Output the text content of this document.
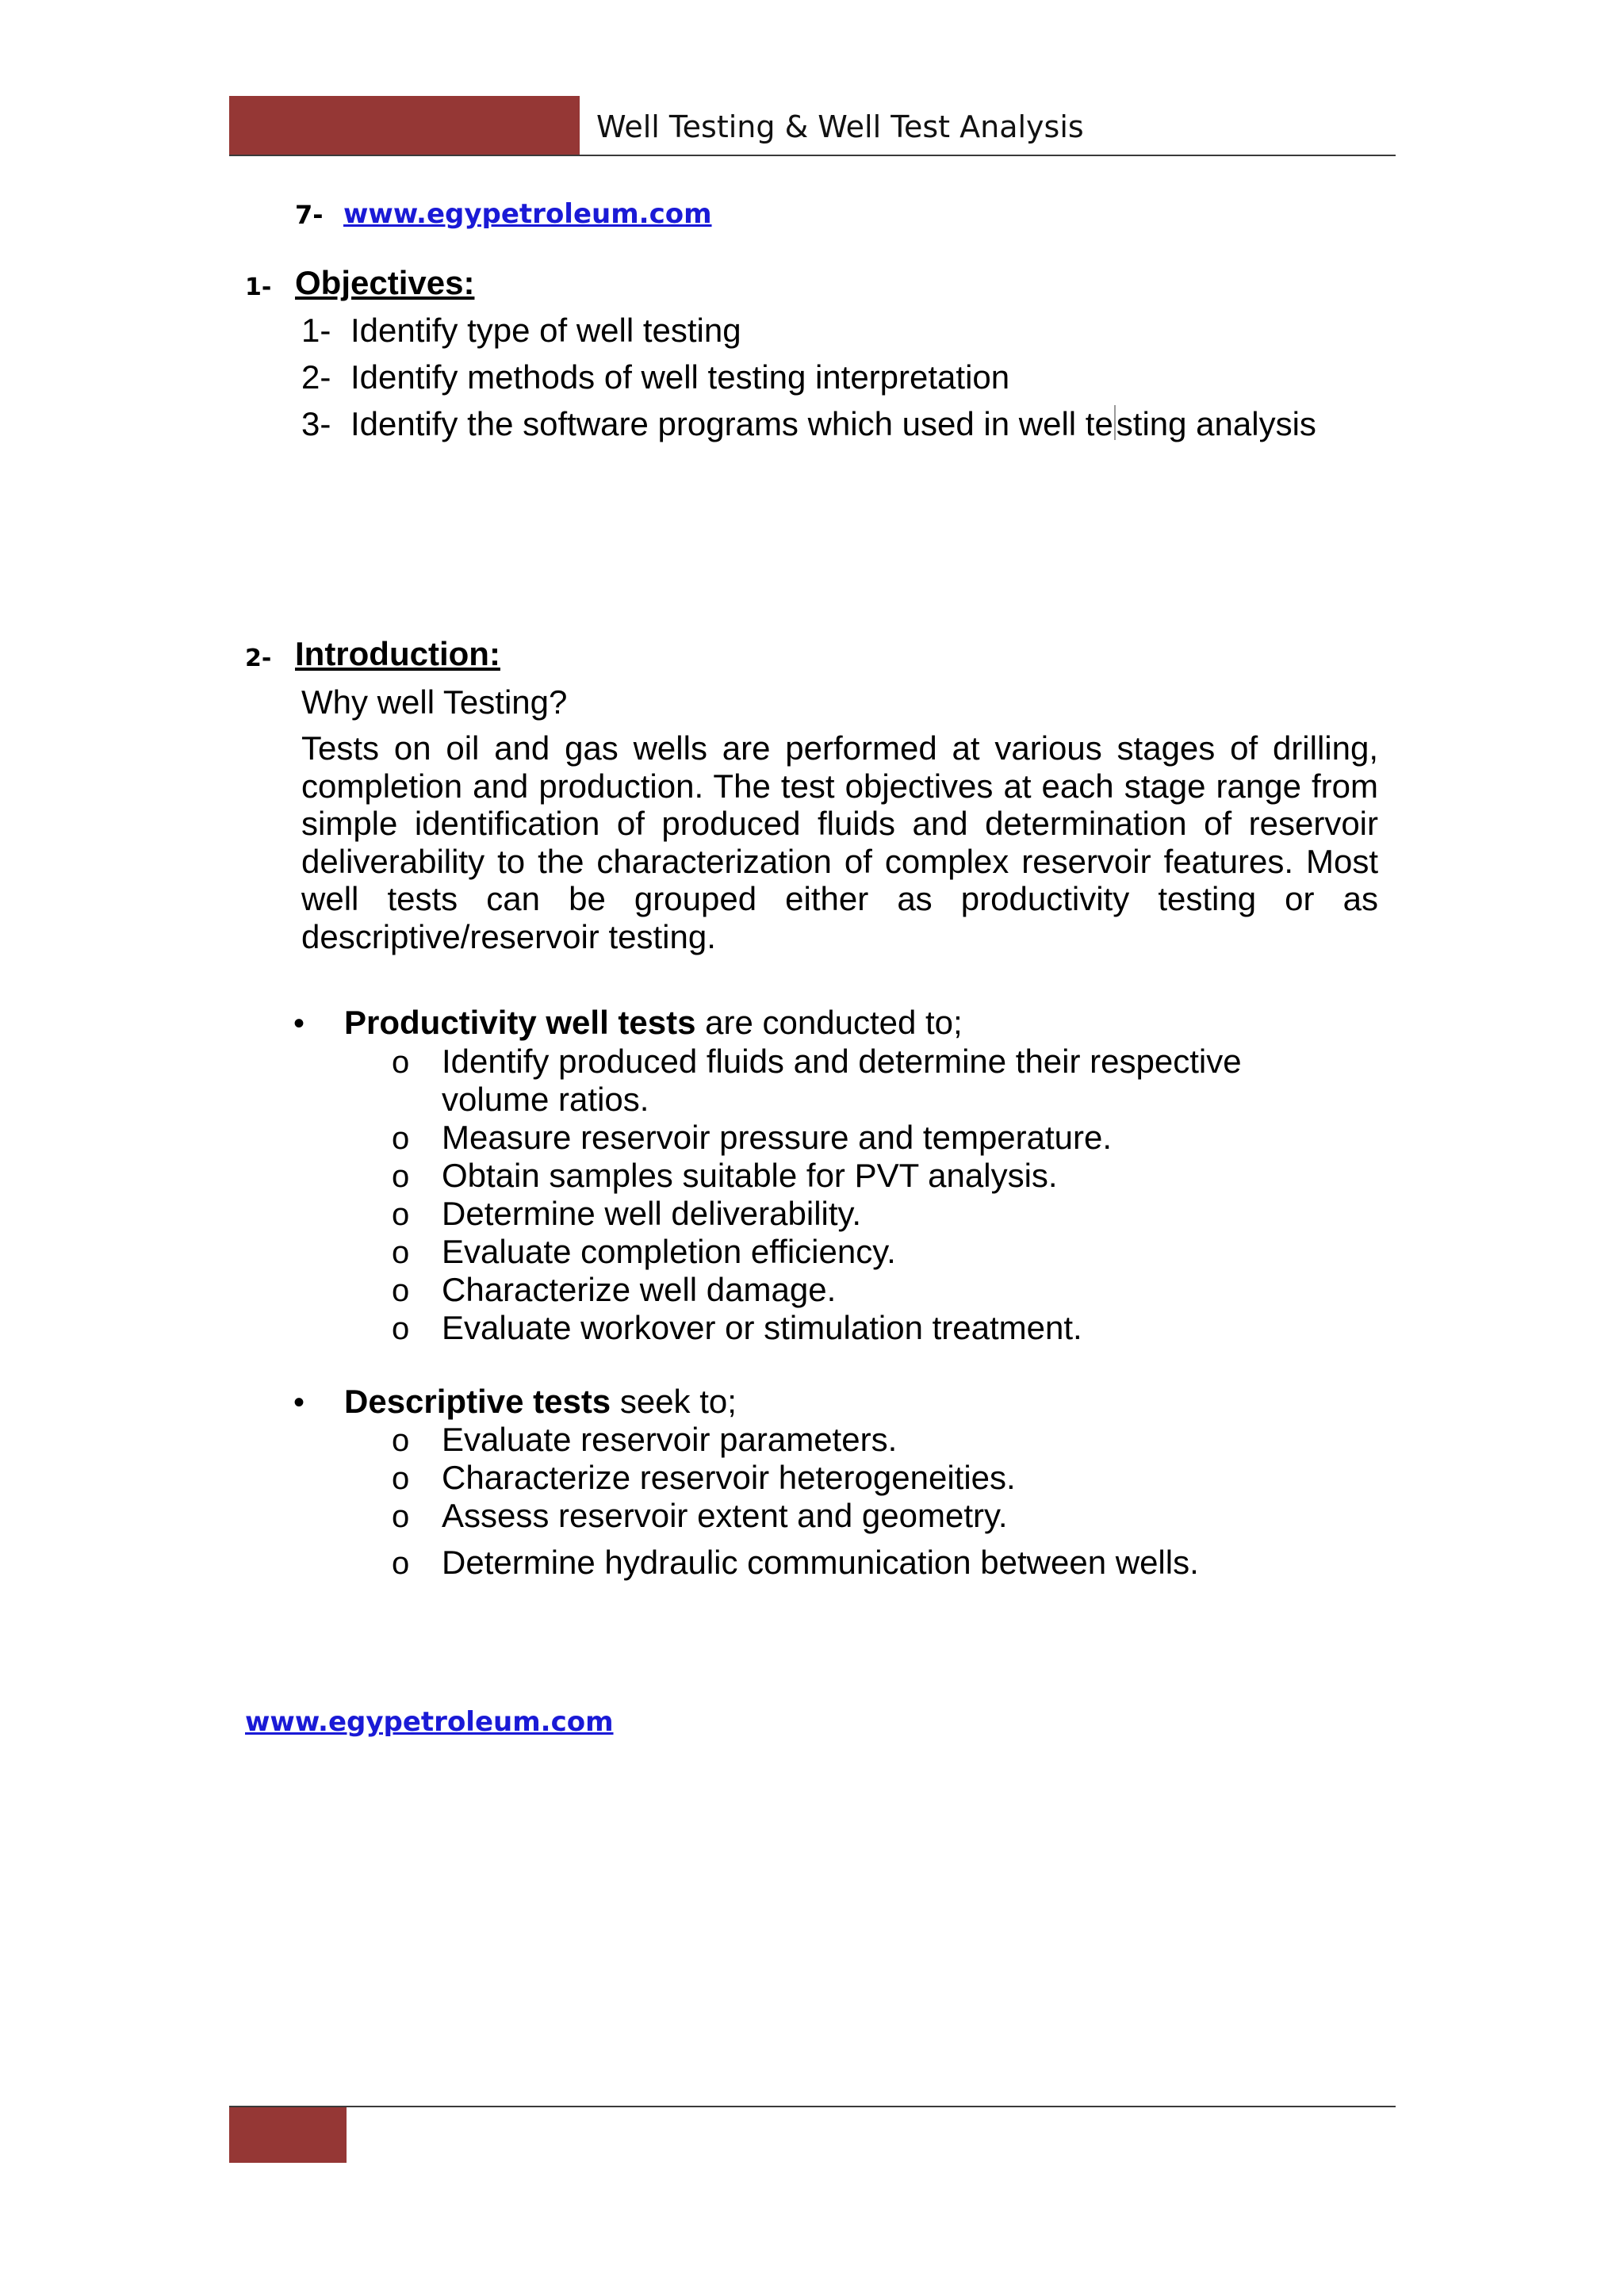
Well Testing & Well Test Analysis
7- www.egypetroleum.com
1- Objectives:
1- Identify type of well testing
2- Identify methods of well testing interpretation
3- Identify the software programs which used in well testing analysis
2- Introduction:
Why well Testing?
Tests on oil and gas wells are performed at various stages of drilling, completion and production. The test objectives at each stage range from simple identification of produced fluids and determination of reservoir deliverability to the characterization of complex reservoir features. Most well tests can be grouped either as productivity testing or as descriptive/reservoir testing.
• Productivity well tests are conducted to;
o Identify produced fluids and determine their respective volume ratios.
o Measure reservoir pressure and temperature.
o Obtain samples suitable for PVT analysis.
o Determine well deliverability.
o Evaluate completion efficiency.
o Characterize well damage.
o Evaluate workover or stimulation treatment.
• Descriptive tests seek to;
o Evaluate reservoir parameters.
o Characterize reservoir heterogeneities.
o Assess reservoir extent and geometry.
o Determine hydraulic communication between wells.
www.egypetroleum.com
